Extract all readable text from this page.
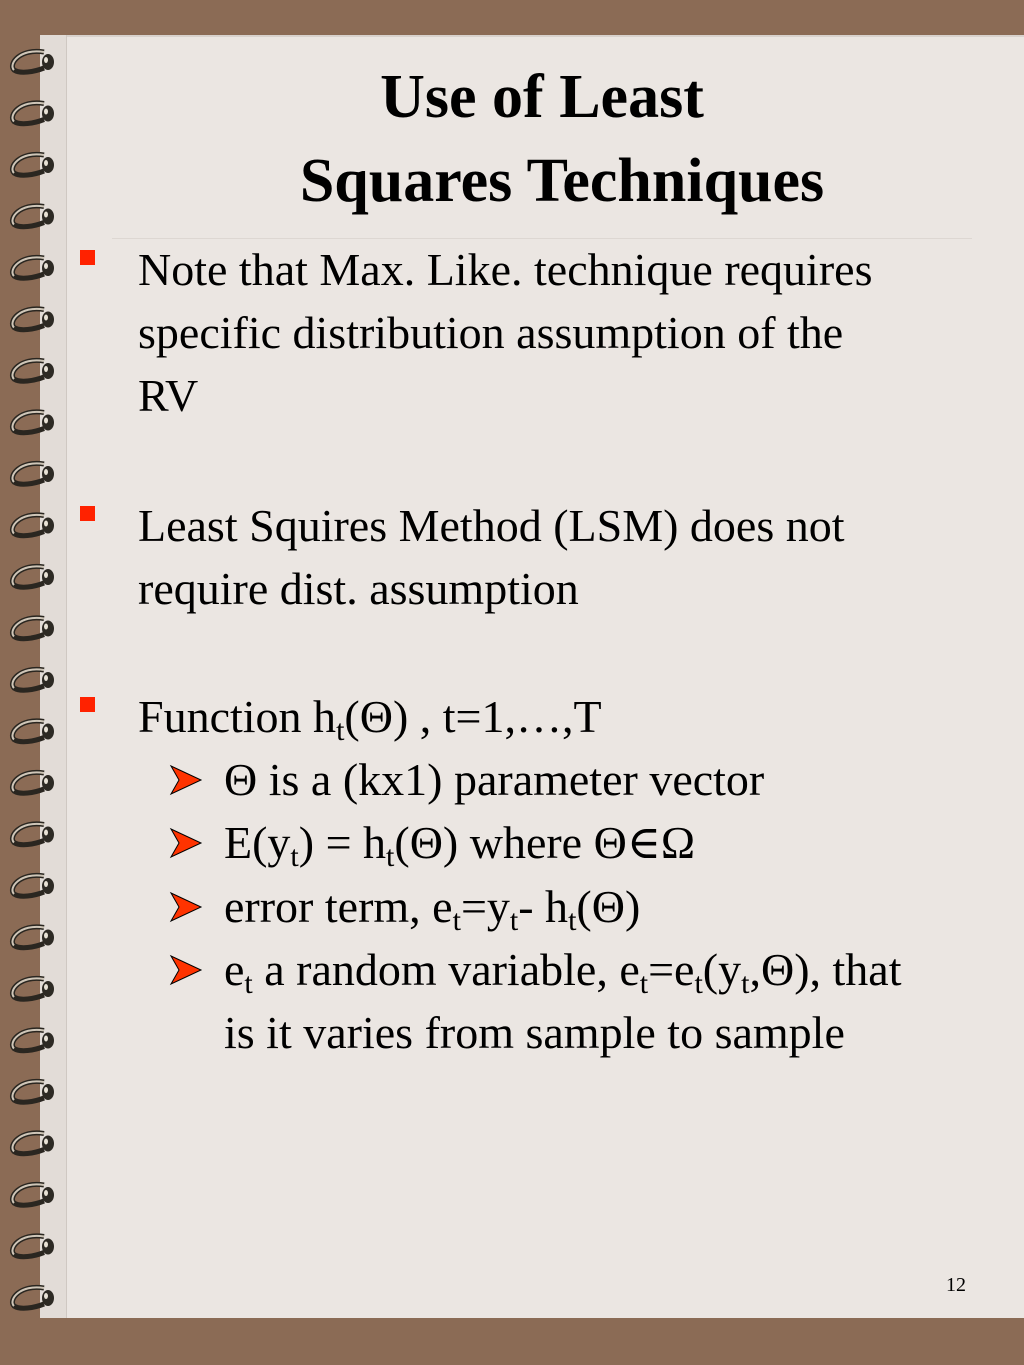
Use of Least
Squares Techniques
Note that Max. Like. technique requires
specific distribution assumption of the
RV
Least Squires Method (LSM) does not
require dist. assumption
Function $h_t(\Theta)$ , t=1,…,T
Θ is a (kx1) parameter vector
$E(y_t) = h_t(\Theta)$ where Θ∈Ω
error term, $e_t=y_t-$ $h_t(\Theta)$
$e_t$ a random variable, $e_t=e_t(y_t,\Theta)$, that
is it varies from sample to sample
12
